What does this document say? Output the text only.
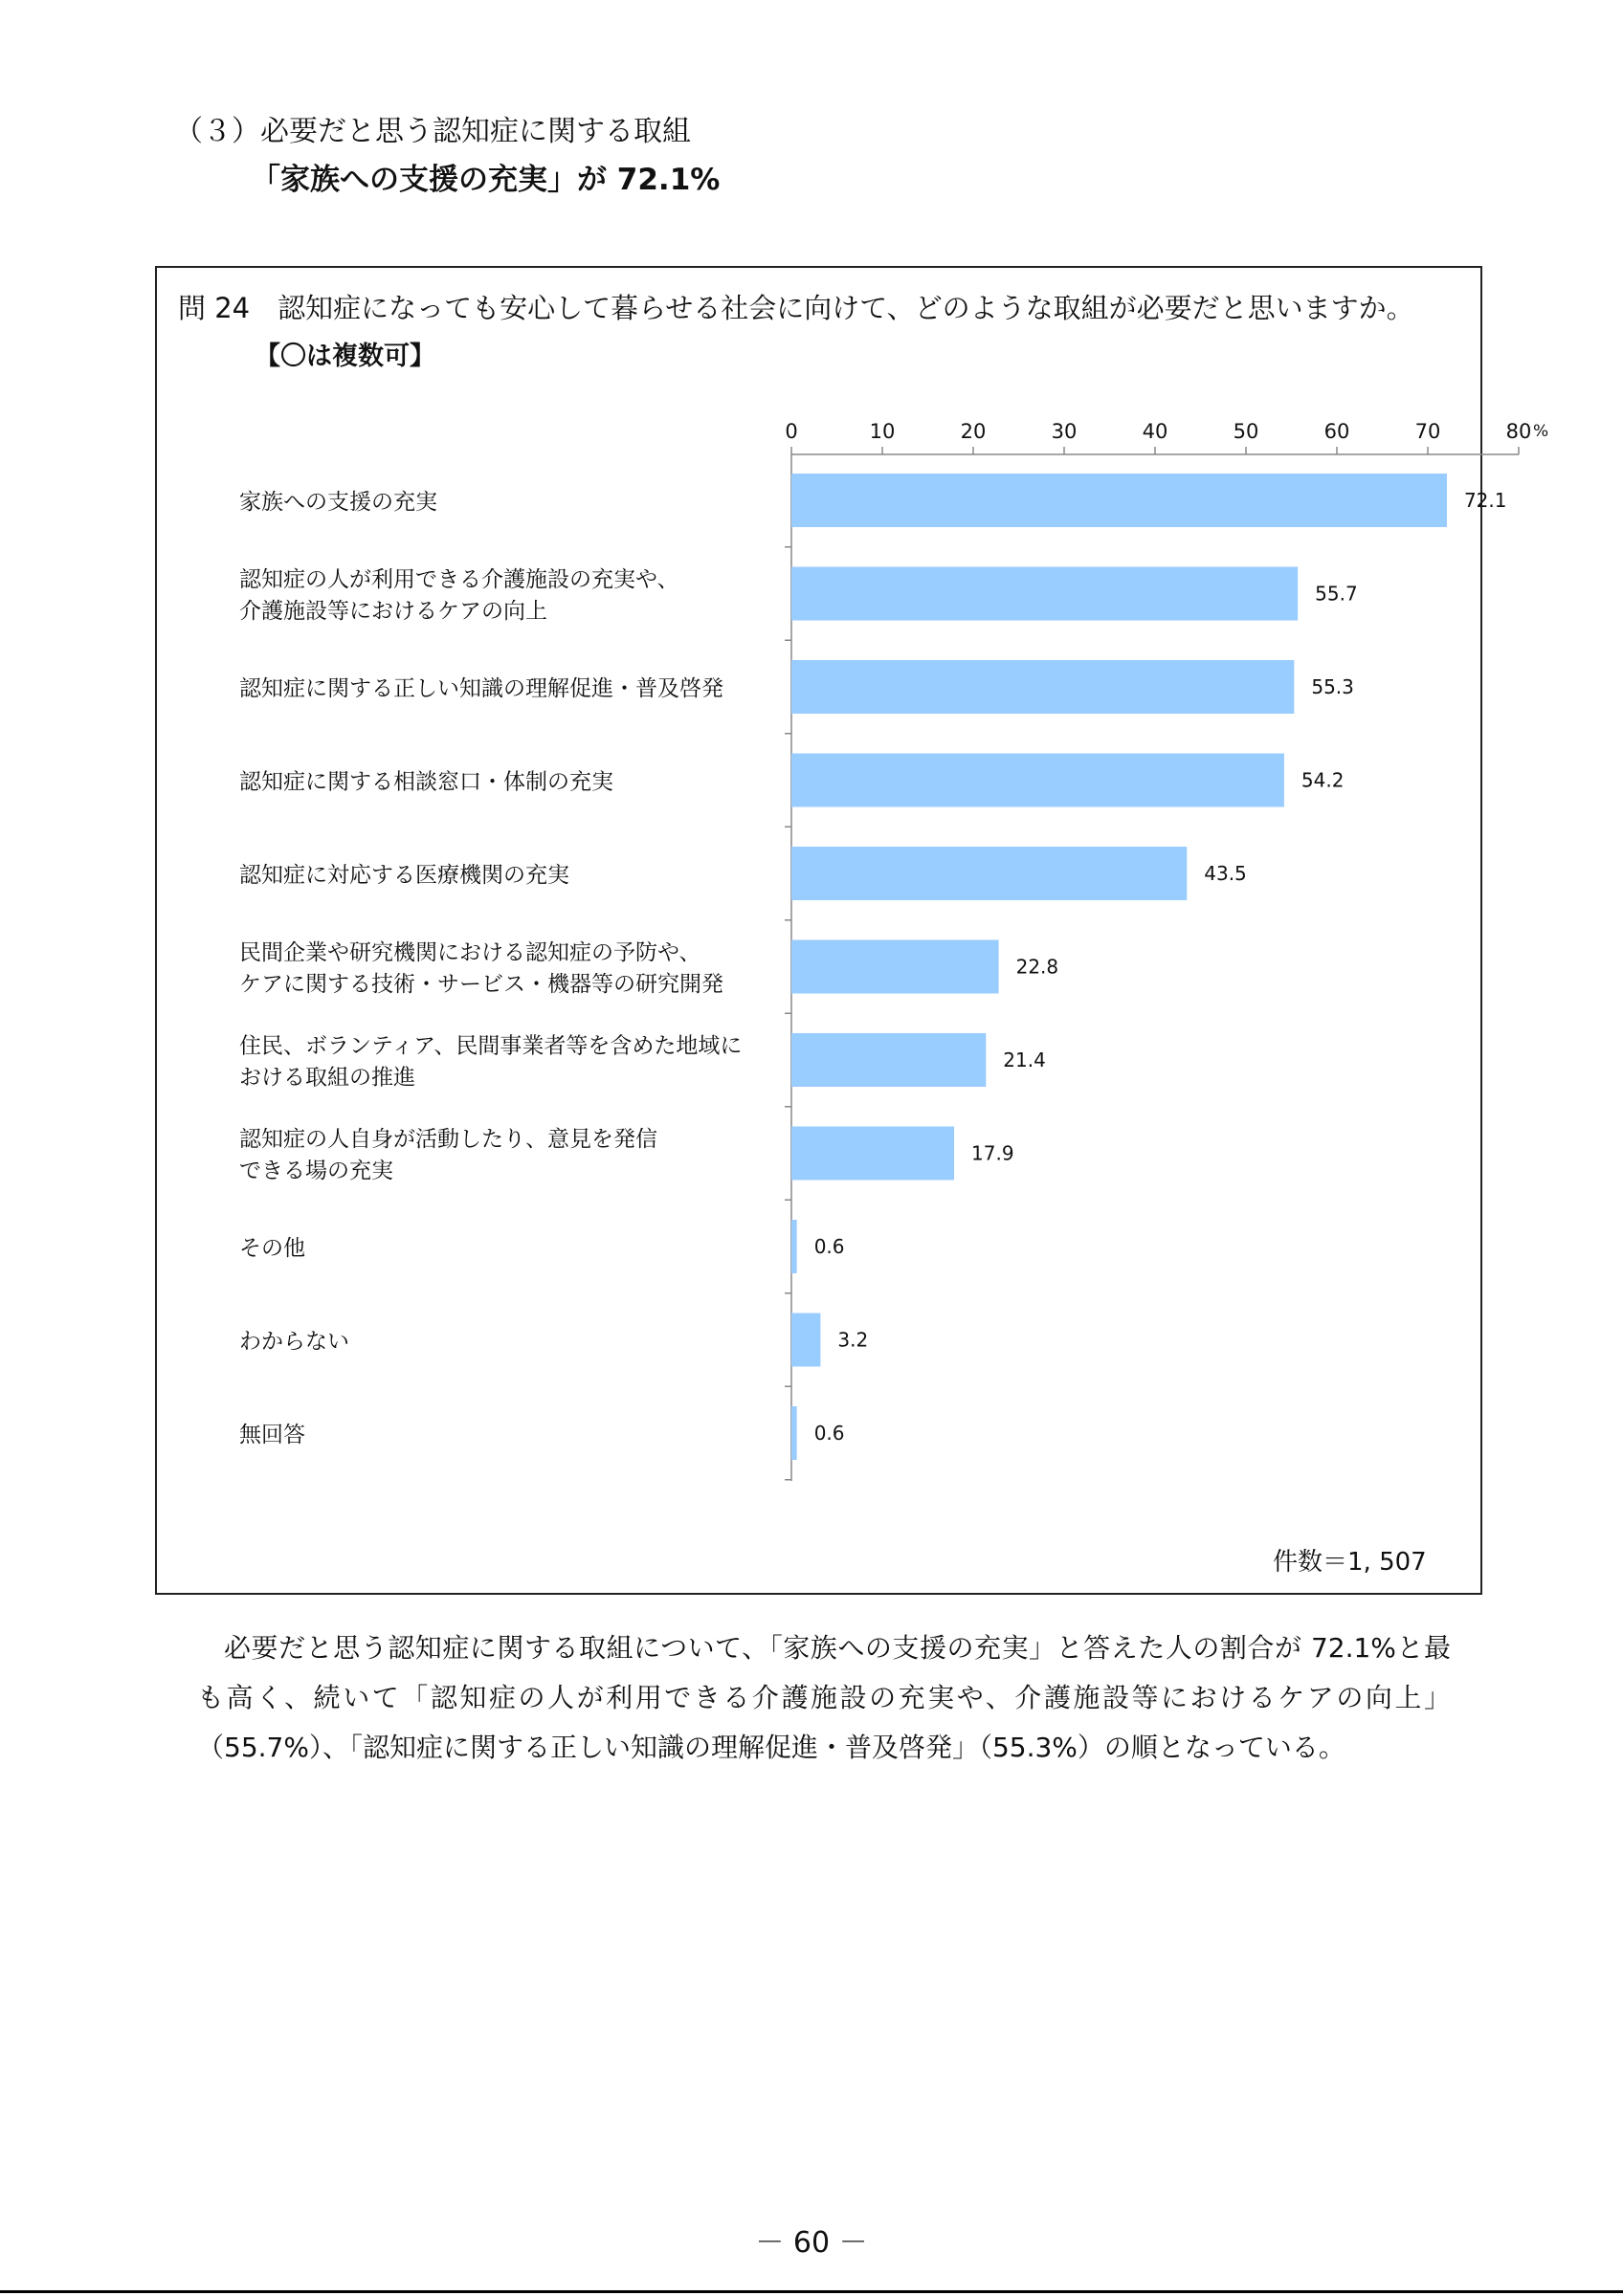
（３）必要だと思う認知症に関する取組
「家族への支援の充実」が 72.1%
問 24　認知症になっても安心して暮らせる社会に向けて、どのような取組が必要だと思いますか。
【〇は複数可】
0	10	20	30	40	50	60	70	80 %
72.1
家族への支援の充実
55.7
認知症の人が利用できる介護施設の充実や、
介護施設等におけるケアの向上
55.3
認知症に関する正しい知識の理解促進・普及啓発
54.2
認知症に関する相談窓口・体制の充実
43.5
認知症に対応する医療機関の充実
22.8
民間企業や研究機関における認知症の予防や、
ケアに関する技術・サービス・機器等の研究開発
21.4
住民、ボランティア、民間事業者等を含めた地域に
おける取組の推進
17.9
認知症の人自身が活動したり、意見を発信
できる場の充実
0.6
その他
3.2
わからない
0.6
無回答
件数＝1, 507

必要だと思う認知症に関する取組について、「家族への支援の充実」と答えた人の割合が 72.1%と最も高く、続いて「認知症の人が利用できる介護施設の充実や、介護施設等におけるケアの向上」（55.7%）、「認知症に関する正しい知識の理解促進・普及啓発」（55.3%）の順となっている。

－ 60 －
